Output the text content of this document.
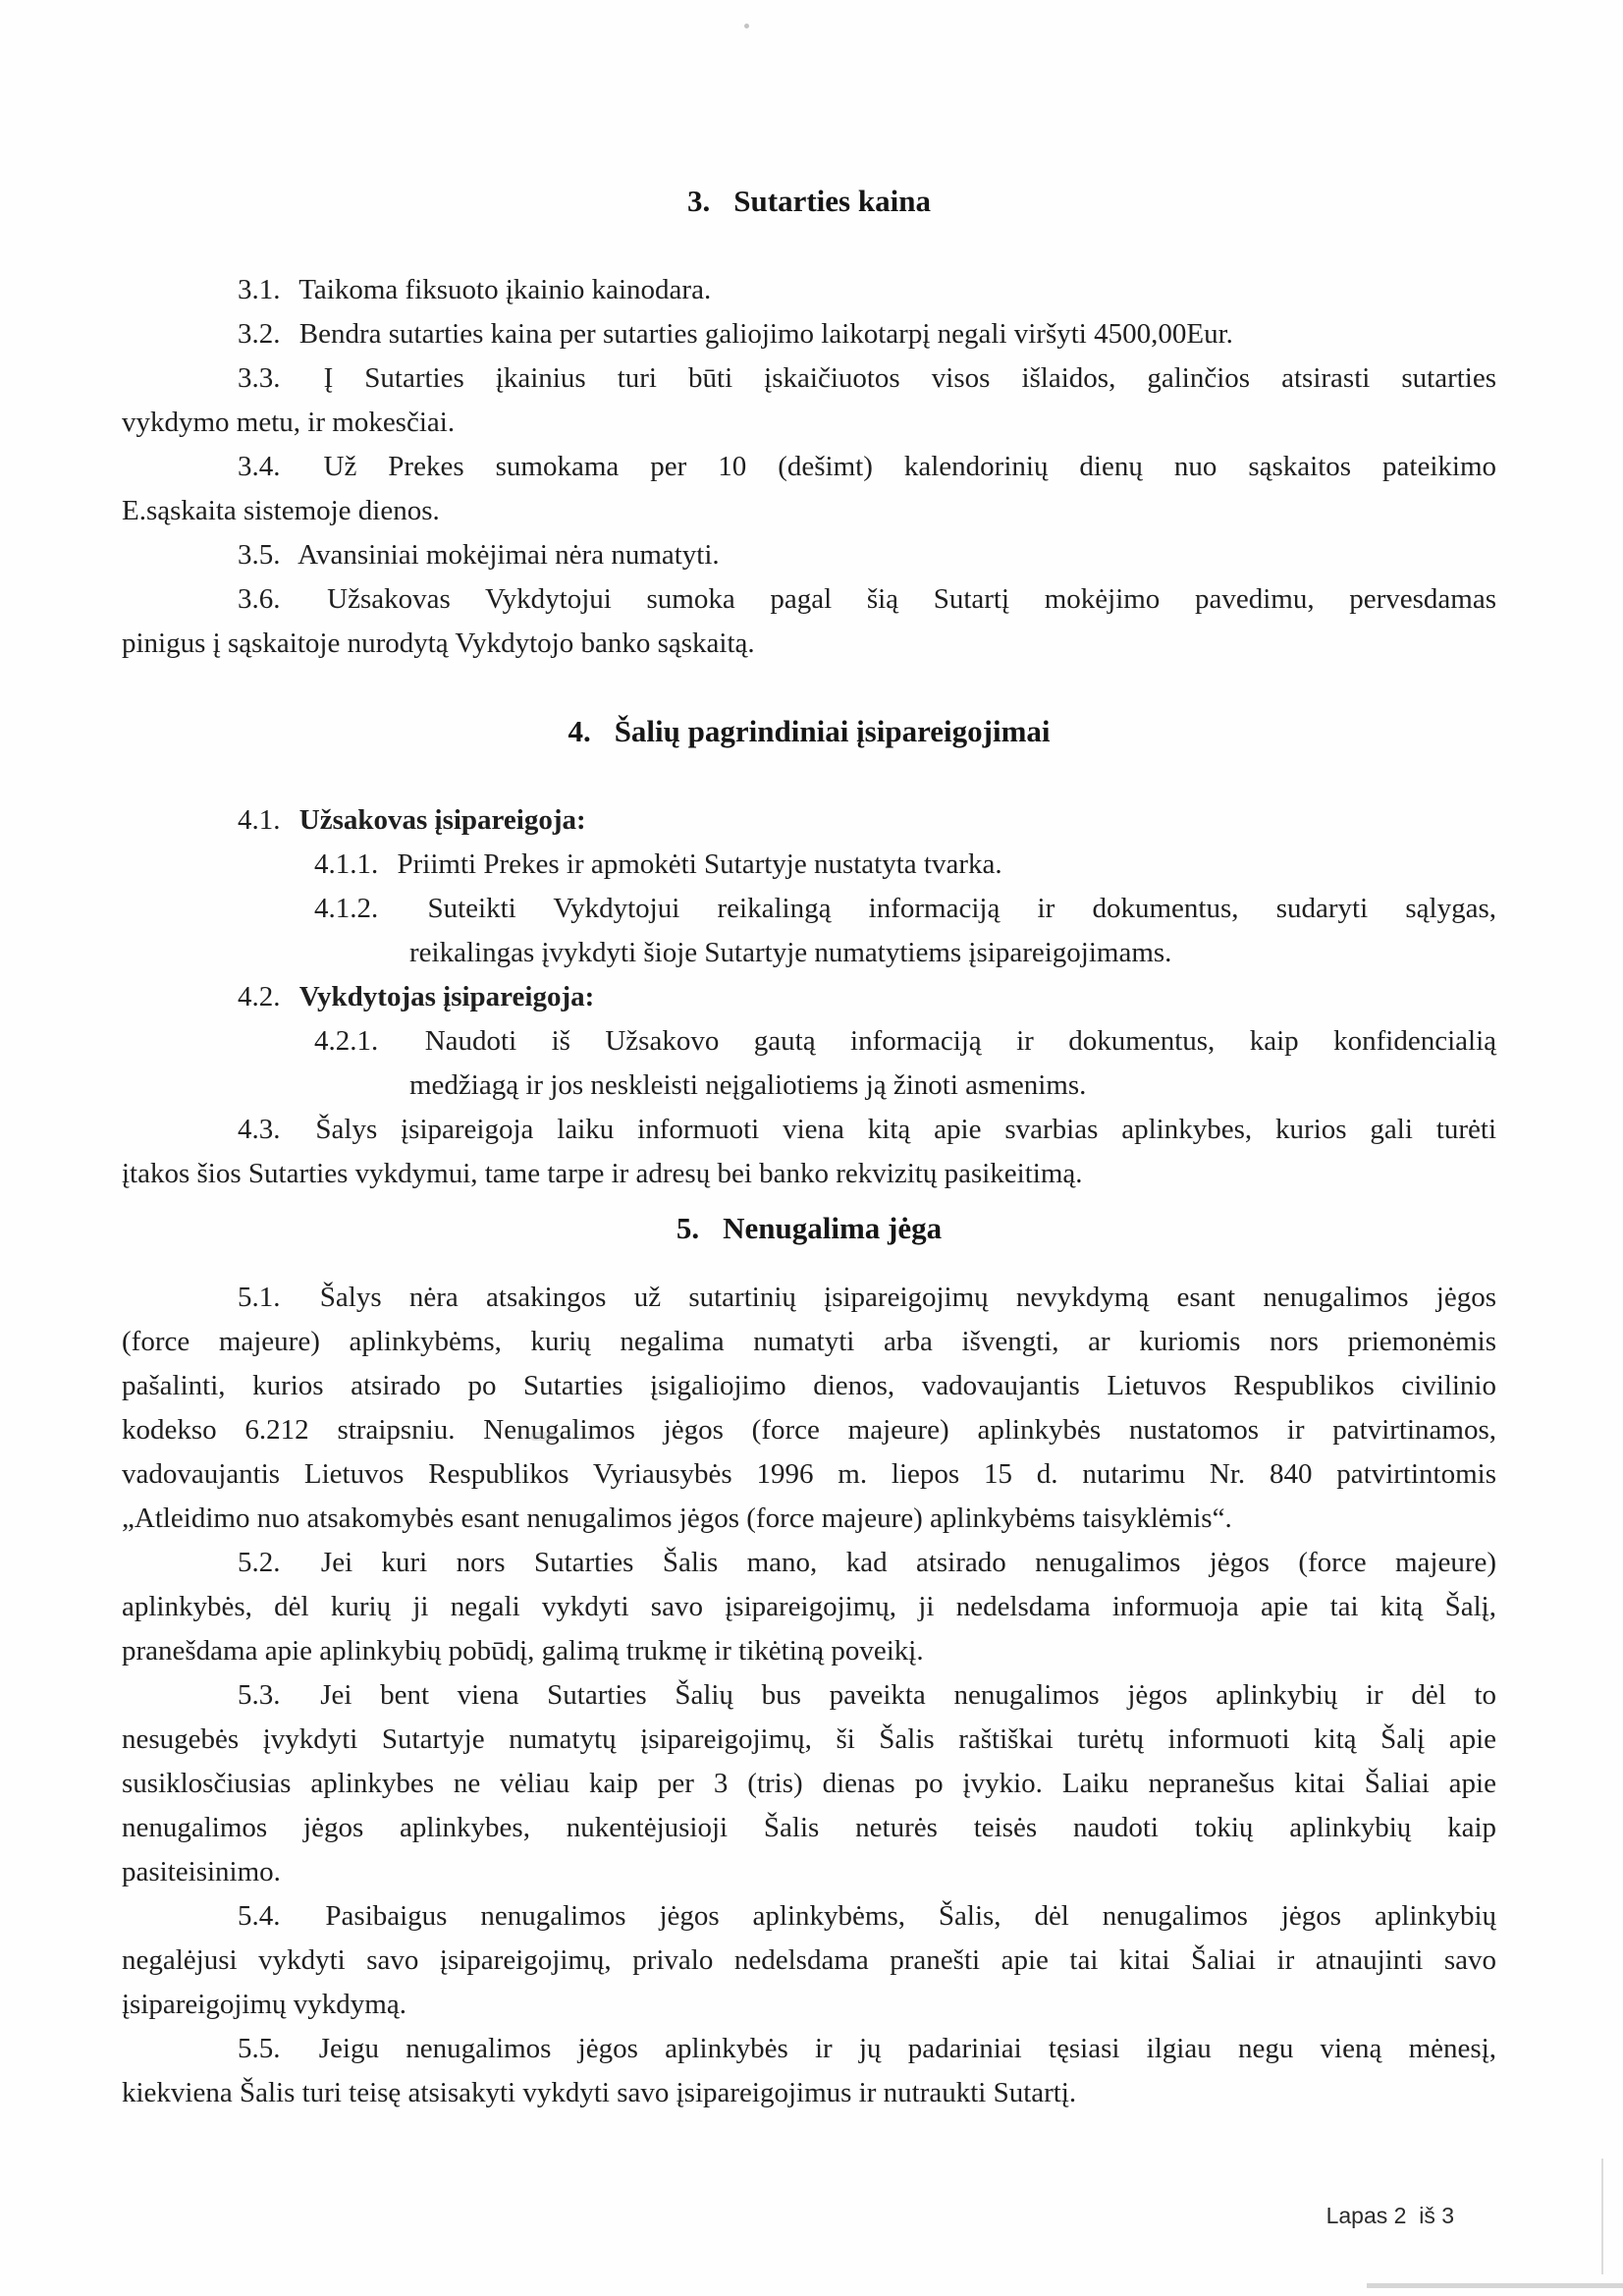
3. Sutarties kaina
3.1. Taikoma fiksuoto įkainio kainodara.
3.2. Bendra sutarties kaina per sutarties galiojimo laikotarpį negali viršyti 4500,00Eur.
3.3. Į Sutarties įkainius turi būti įskaičiuotos visos išlaidos, galinčios atsirasti sutarties
vykdymo metu, ir mokesčiai.
3.4. Už Prekes sumokama per 10 (dešimt) kalendorinių dienų nuo sąskaitos pateikimo
E.sąskaita sistemoje dienos.
3.5. Avansiniai mokėjimai nėra numatyti.
3.6. Užsakovas Vykdytojui sumoka pagal šią Sutartį mokėjimo pavedimu, pervesdamas
pinigus į sąskaitoje nurodytą Vykdytojo banko sąskaitą.
4. Šalių pagrindiniai įsipareigojimai
4.1. Užsakovas įsipareigoja:
4.1.1. Priimti Prekes ir apmokėti Sutartyje nustatyta tvarka.
4.1.2. Suteikti Vykdytojui reikalingą informaciją ir dokumentus, sudaryti sąlygas,
reikalingas įvykdyti šioje Sutartyje numatytiems įsipareigojimams.
4.2. Vykdytojas įsipareigoja:
4.2.1. Naudoti iš Užsakovo gautą informaciją ir dokumentus, kaip konfidencialią
medžiagą ir jos neskleisti neįgaliotiems ją žinoti asmenims.
4.3. Šalys įsipareigoja laiku informuoti viena kitą apie svarbias aplinkybes, kurios gali turėti
įtakos šios Sutarties vykdymui, tame tarpe ir adresų bei banko rekvizitų pasikeitimą.
5. Nenugalima jėga
5.1. Šalys nėra atsakingos už sutartinių įsipareigojimų nevykdymą esant nenugalimos jėgos
(force majeure) aplinkybėms, kurių negalima numatyti arba išvengti, ar kuriomis nors priemonėmis
pašalinti, kurios atsirado po Sutarties įsigaliojimo dienos, vadovaujantis Lietuvos Respublikos civilinio
kodekso 6.212 straipsniu. Nenugalimos jėgos (force majeure) aplinkybės nustatomos ir patvirtinamos,
vadovaujantis Lietuvos Respublikos Vyriausybės 1996 m. liepos 15 d. nutarimu Nr. 840 patvirtintomis
„Atleidimo nuo atsakomybės esant nenugalimos jėgos (force majeure) aplinkybėms taisyklėmis“.
5.2. Jei kuri nors Sutarties Šalis mano, kad atsirado nenugalimos jėgos (force majeure)
aplinkybės, dėl kurių ji negali vykdyti savo įsipareigojimų, ji nedelsdama informuoja apie tai kitą Šalį,
pranešdama apie aplinkybių pobūdį, galimą trukmę ir tikėtiną poveikį.
5.3. Jei bent viena Sutarties Šalių bus paveikta nenugalimos jėgos aplinkybių ir dėl to
nesugebės įvykdyti Sutartyje numatytų įsipareigojimų, ši Šalis raštiškai turėtų informuoti kitą Šalį apie
susiklosčiusias aplinkybes ne vėliau kaip per 3 (tris) dienas po įvykio. Laiku nepranešus kitai Šaliai apie
nenugalimos jėgos aplinkybes, nukentėjusioji Šalis neturės teisės naudoti tokių aplinkybių kaip
pasiteisinimo.
5.4. Pasibaigus nenugalimos jėgos aplinkybėms, Šalis, dėl nenugalimos jėgos aplinkybių
negalėjusi vykdyti savo įsipareigojimų, privalo nedelsdama pranešti apie tai kitai Šaliai ir atnaujinti savo
įsipareigojimų vykdymą.
5.5. Jeigu nenugalimos jėgos aplinkybės ir jų padariniai tęsiasi ilgiau negu vieną mėnesį,
kiekviena Šalis turi teisę atsisakyti vykdyti savo įsipareigojimus ir nutraukti Sutartį.
Lapas 2  iš 3
